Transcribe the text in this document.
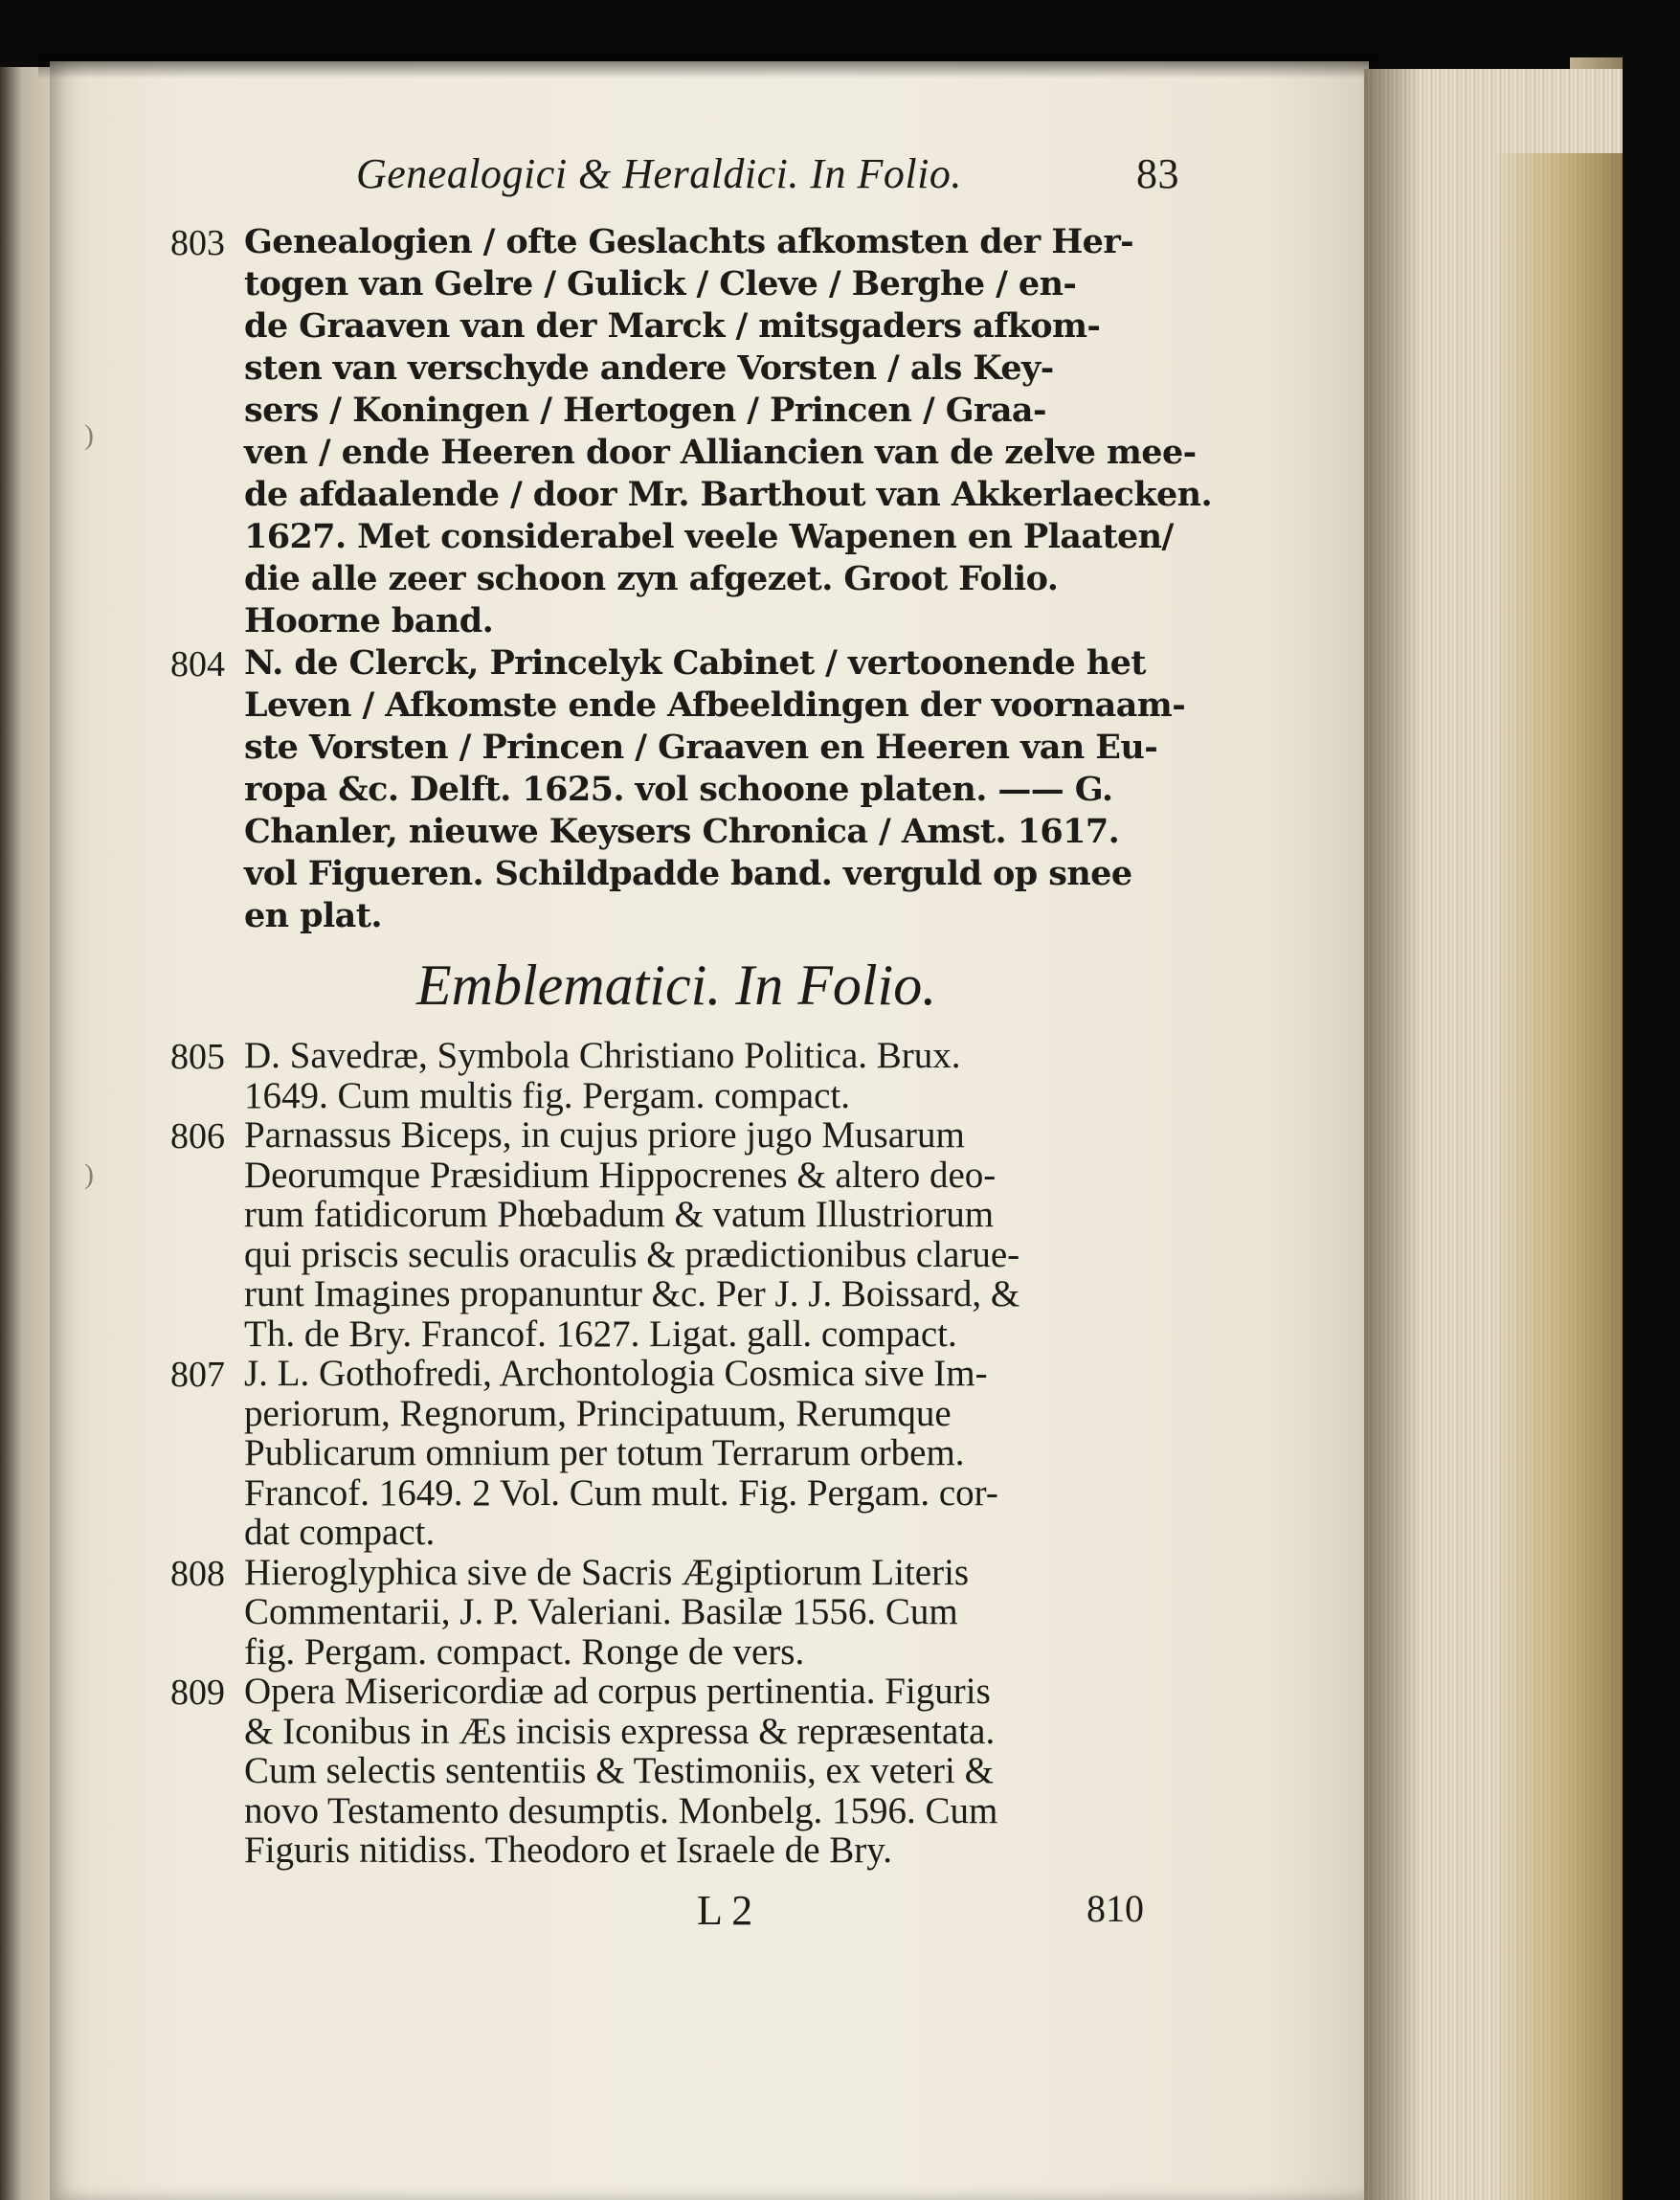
Genealogici & Heraldici. In Folio.	83
803 Genealogien / ofte Geslachts afkomsten der Her-
togen van Gelre / Gulick / Cleve / Berghe / en-
de Graaven van der Marck / mitsgaders afkom-
sten van verschyde andere Vorsten / als Key-
sers / Koningen / Hertogen / Princen / Graa-
ven / ende Heeren door Alliancien van de zelve mee-
de afdaalende / door Mr. Barthout van Akkerlaecken.
1627. Met considerabel veele Wapenen en Plaaten/
die alle zeer schoon zyn afgezet. Groot Folio.
Hoorne band.
804 N. de Clerck, Princelyk Cabinet / vertoonende het
Leven / Afkomste ende Afbeeldingen der voornaam-
ste Vorsten / Princen / Graaven en Heeren van Eu-
ropa &c. Delft. 1625. vol schoone platen. —— G.
Chanler, nieuwe Keysers Chronica / Amst. 1617.
vol Figueren. Schildpadde band. verguld op snee
en plat.
Emblematici. In Folio.
805 D. Savedræ, Symbola Christiano Politica. Brux.
1649. Cum multis fig. Pergam. compact.
806 Parnassus Biceps, in cujus priore jugo Musarum
Deorumque Præsidium Hippocrenes & altero deo-
rum fatidicorum Phœbadum & vatum Illustriorum
qui priscis seculis oraculis & prædictionibus clarue-
runt Imagines propanuntur &c. Per J. J. Boissard, &
Th. de Bry. Francof. 1627. Ligat. gall. compact.
807 J. L. Gothofredi, Archontologia Cosmica sive Im-
periorum, Regnorum, Principatuum, Rerumque
Publicarum omnium per totum Terrarum orbem.
Francof. 1649. 2 Vol. Cum mult. Fig. Pergam. cor-
dat compact.
808 Hieroglyphica sive de Sacris Ægiptiorum Literis
Commentarii, J. P. Valeriani. Basilæ 1556. Cum
fig. Pergam. compact. Ronge de vers.
809 Opera Misericordiæ ad corpus pertinentia. Figuris
& Iconibus in Æs incisis expressa & repræsentata.
Cum selectis sententiis & Testimoniis, ex veteri &
novo Testamento desumptis. Monbelg. 1596. Cum
Figuris nitidiss. Theodoro et Israele de Bry.
L 2	810
)
)
